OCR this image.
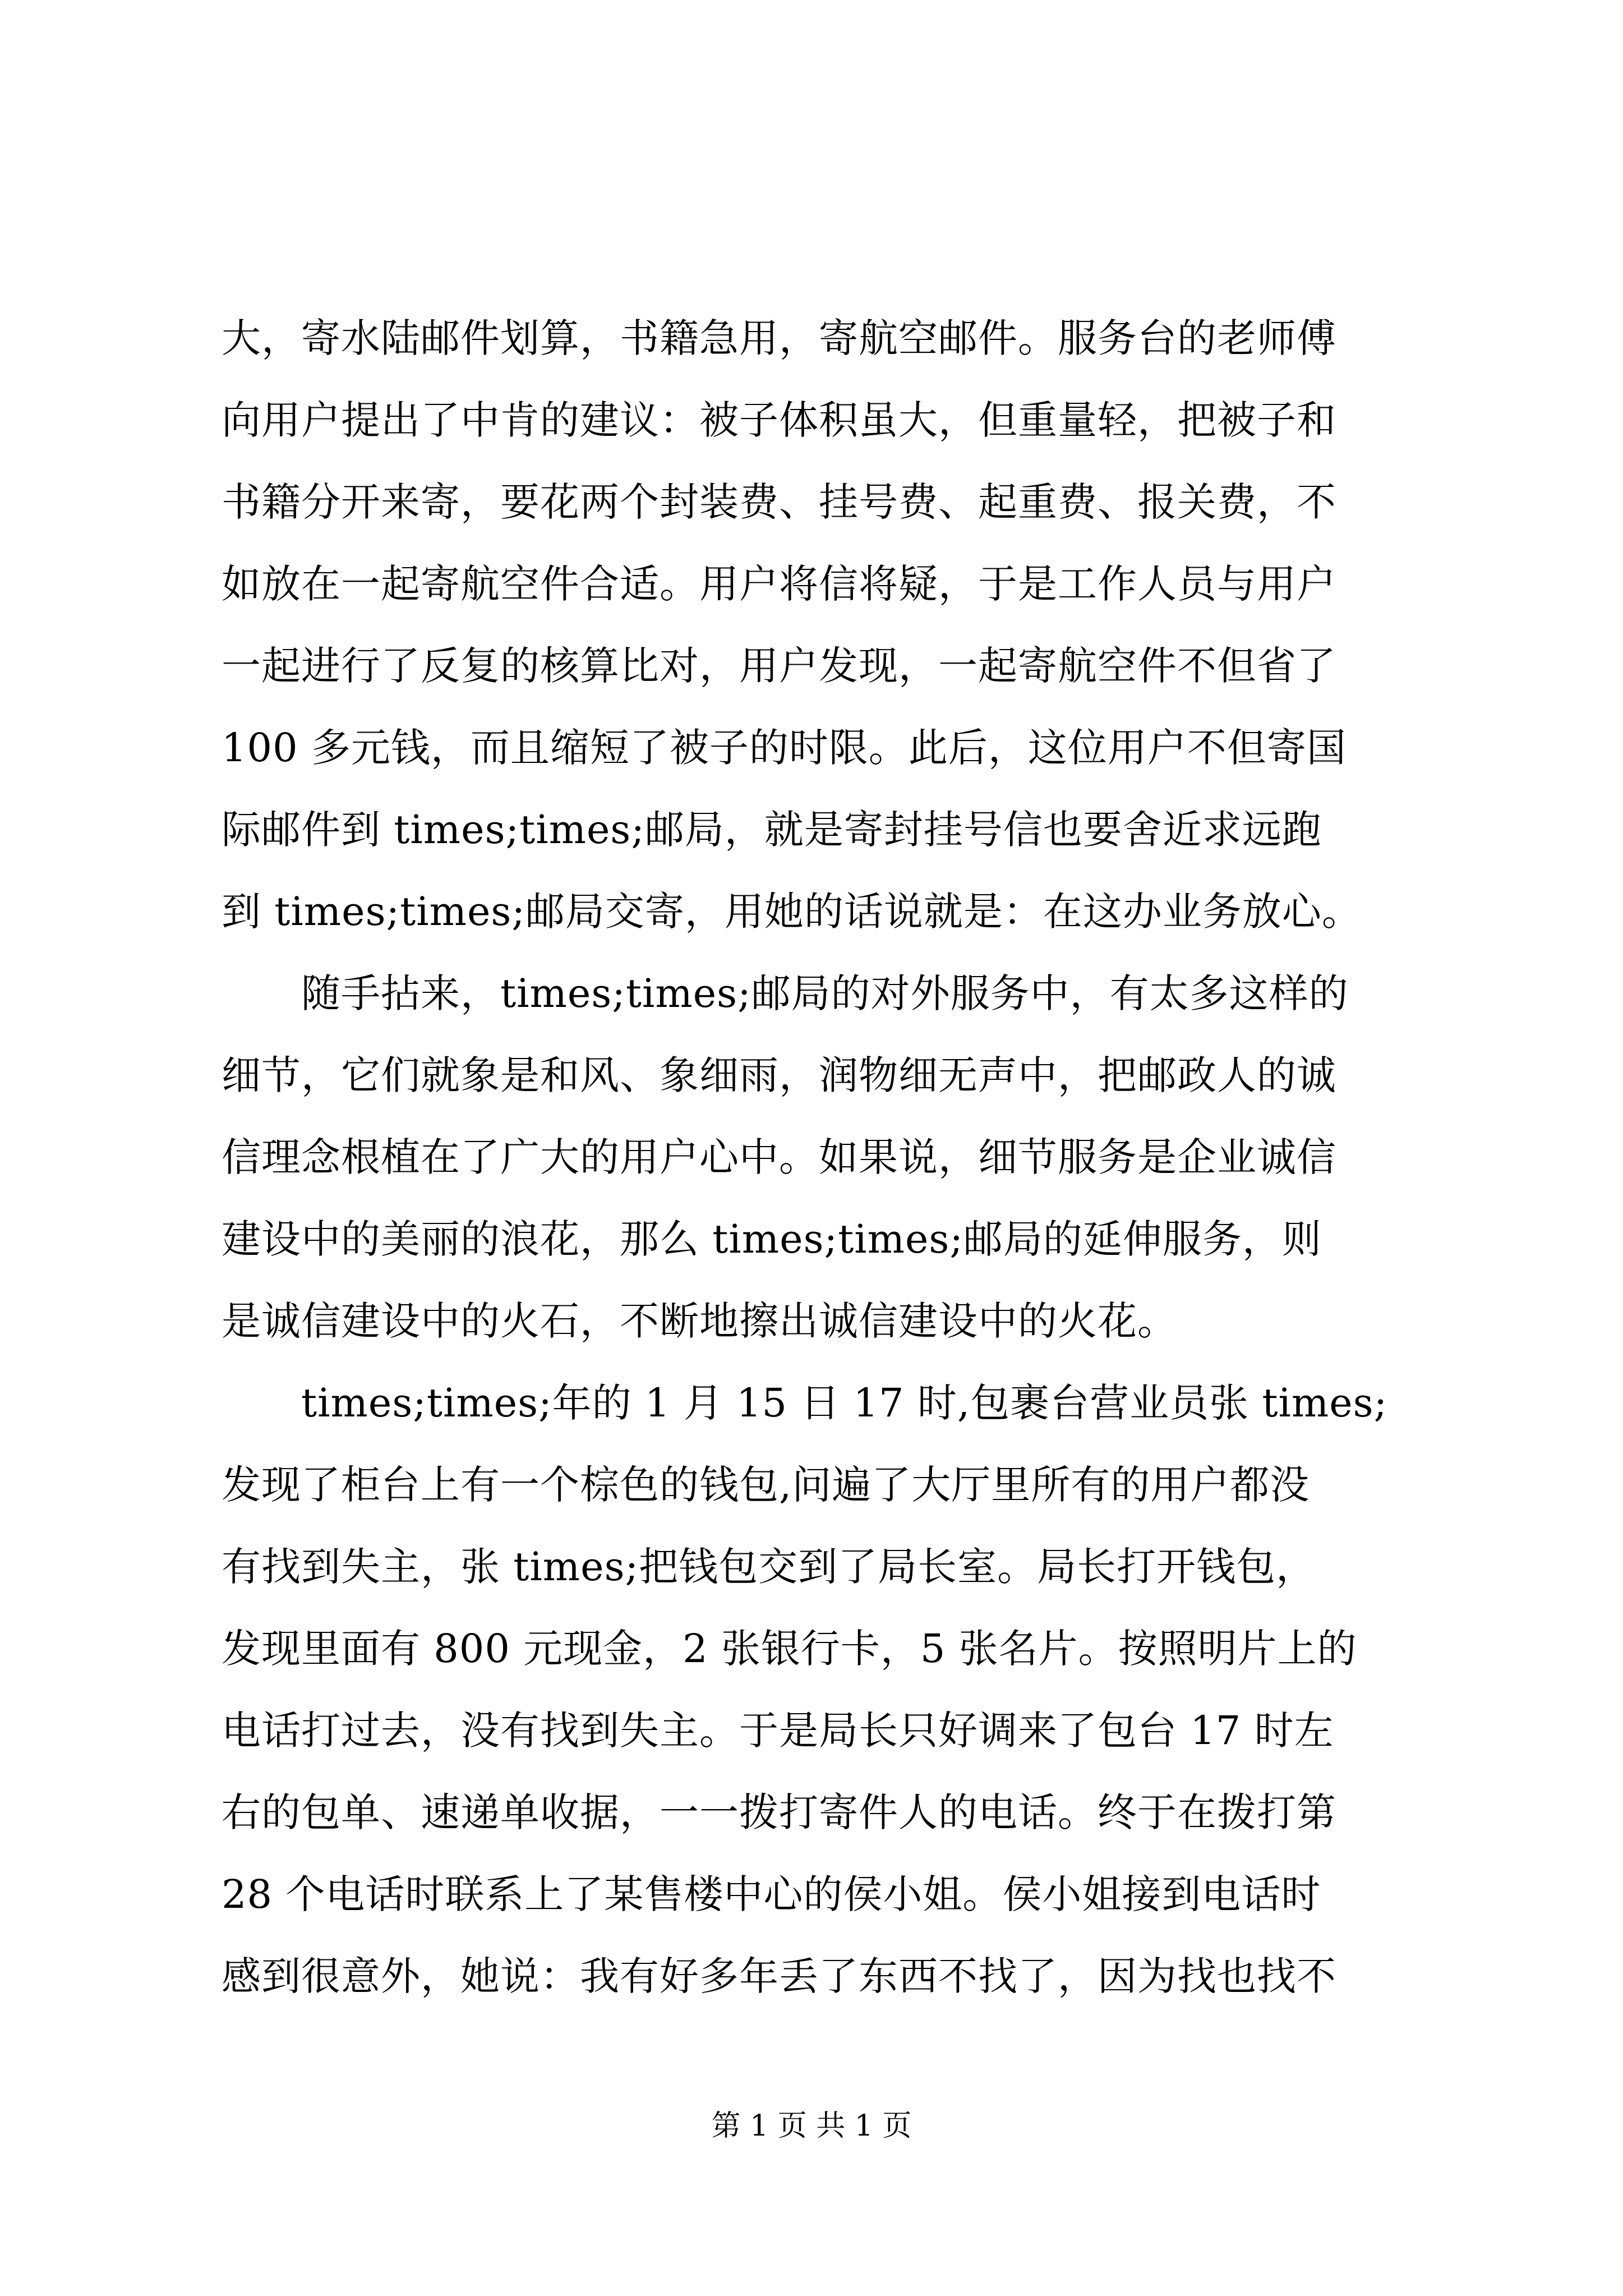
大，寄水陆邮件划算，书籍急用，寄航空邮件。服务台的老师傅
向用户提出了中肯的建议：被子体积虽大，但重量轻，把被子和
书籍分开来寄，要花两个封装费、挂号费、起重费、报关费，不
如放在一起寄航空件合适。用户将信将疑，于是工作人员与用户
一起进行了反复的核算比对，用户发现，一起寄航空件不但省了
100 多元钱，而且缩短了被子的时限。此后，这位用户不但寄国
际邮件到 times;times;邮局，就是寄封挂号信也要舍近求远跑
到 times;times;邮局交寄，用她的话说就是：在这办业务放心。
　　随手拈来，times;times;邮局的对外服务中，有太多这样的
细节，它们就象是和风、象细雨，润物细无声中，把邮政人的诚
信理念根植在了广大的用户心中。如果说，细节服务是企业诚信
建设中的美丽的浪花，那么 times;times;邮局的延伸服务，则
是诚信建设中的火石，不断地擦出诚信建设中的火花。
　　times;times;年的 1 月 15 日 17 时,包裹台营业员张 times;
发现了柜台上有一个棕色的钱包,问遍了大厅里所有的用户都没
有找到失主，张 times;把钱包交到了局长室。局长打开钱包，
发现里面有 800 元现金，2 张银行卡，5 张名片。按照明片上的
电话打过去，没有找到失主。于是局长只好调来了包台 17 时左
右的包单、速递单收据，一一拨打寄件人的电话。终于在拨打第
28 个电话时联系上了某售楼中心的侯小姐。侯小姐接到电话时
感到很意外，她说：我有好多年丢了东西不找了，因为找也找不
第 1 页 共 1 页
